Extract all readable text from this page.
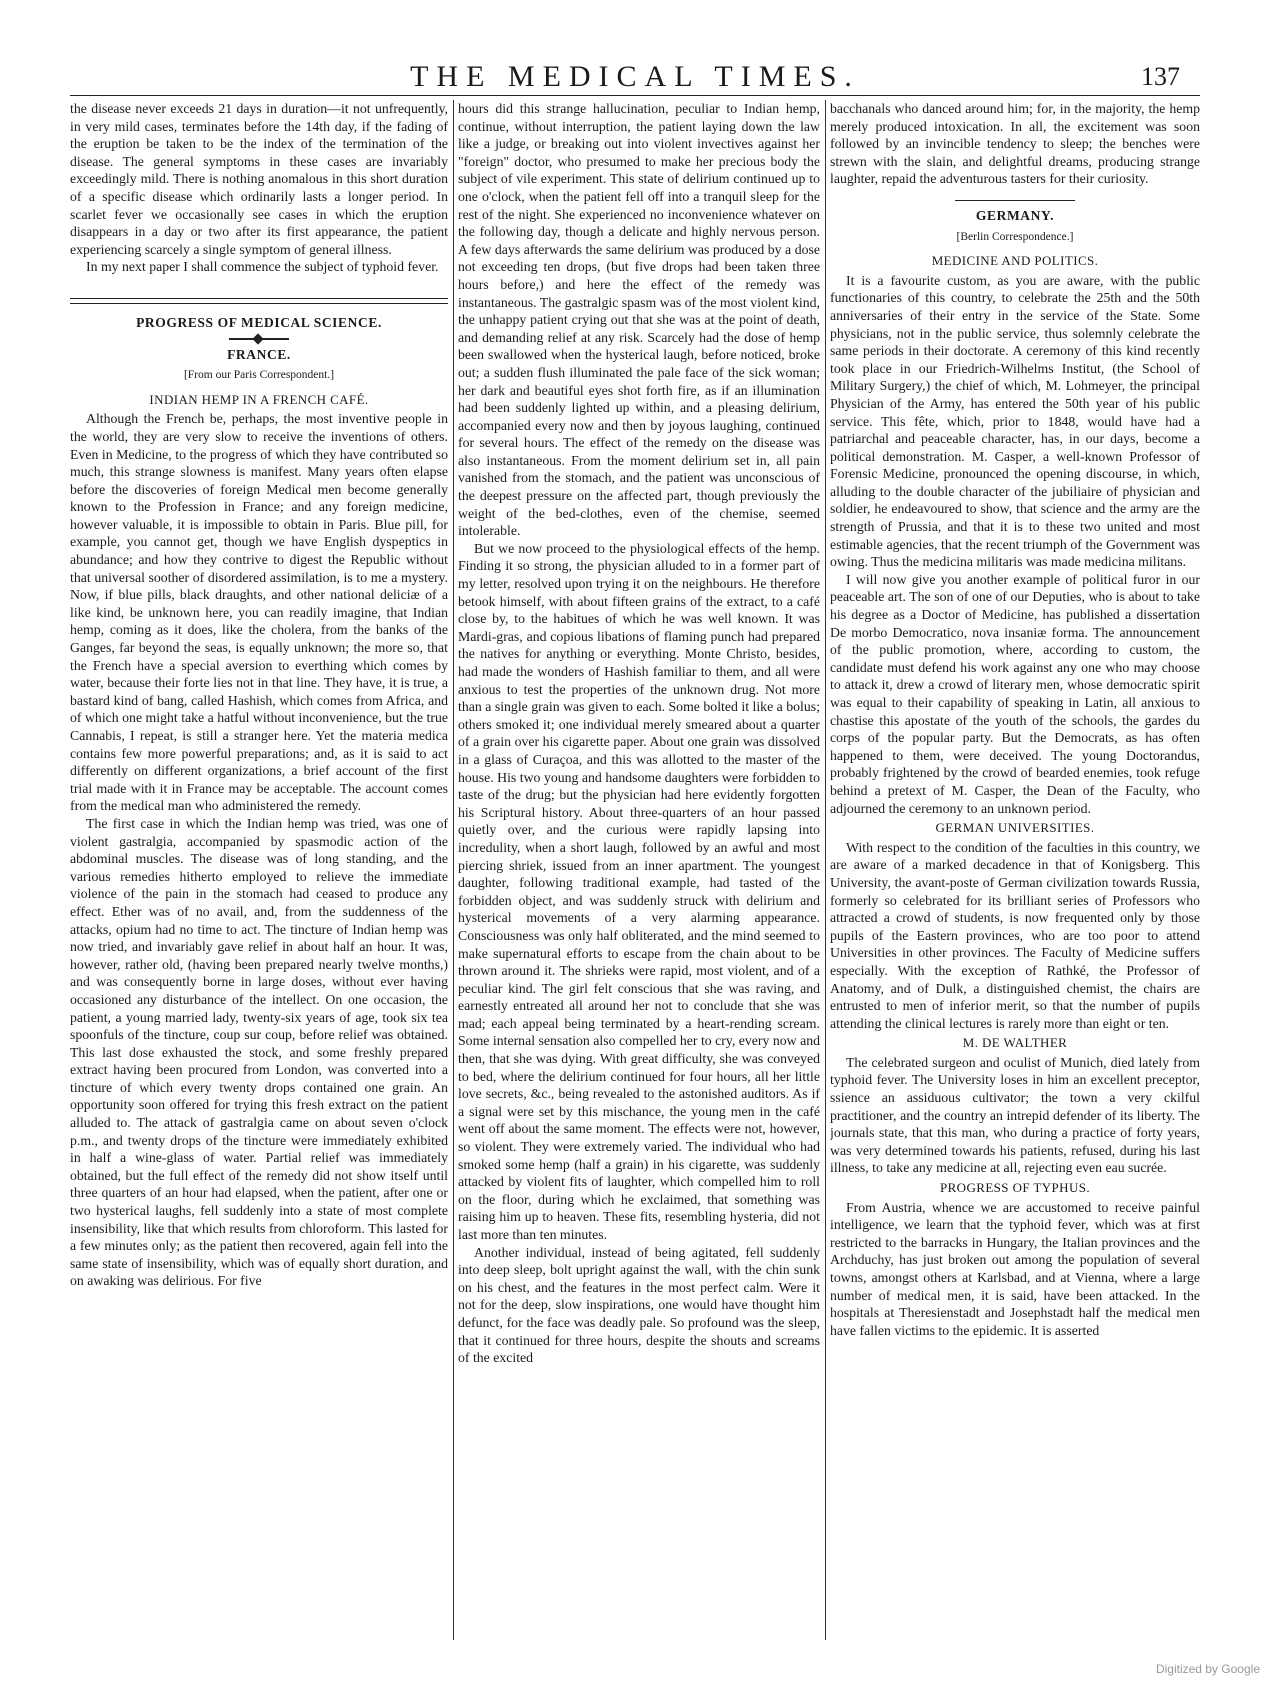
THE MEDICAL TIMES.	137

the disease never exceeds 21 days in duration—it not unfrequently, in very mild cases, terminates before the 14th day, if the fading of the eruption be taken to be the index of the termination of the disease. The general symptoms in these cases are invariably exceedingly mild. There is nothing anomalous in this short duration of a specific disease which ordinarily lasts a longer period. In scarlet fever we occasionally see cases in which the eruption disappears in a day or two after its first appearance, the patient experiencing scarcely a single symptom of general illness.

In my next paper I shall commence the subject of typhoid fever.

PROGRESS OF MEDICAL SCIENCE.
FRANCE.
[From our Paris Correspondent.]
INDIAN HEMP IN A FRENCH CAFÉ.

Although the French be, perhaps, the most inventive people in the world, they are very slow to receive the inventions of others. Even in Medicine, to the progress of which they have contributed so much, this strange slowness is manifest. Many years often elapse before the discoveries of foreign Medical men become generally known to the Profession in France; and any foreign medicine, however valuable, it is impossible to obtain in Paris. Blue pill, for example, you cannot get, though we have English dyspeptics in abundance; and how they contrive to digest the Republic without that universal soother of disordered assimilation, is to me a mystery. Now, if blue pills, black draughts, and other national deliciæ of a like kind, be unknown here, you can readily imagine, that Indian hemp, coming as it does, like the cholera, from the banks of the Ganges, far beyond the seas, is equally unknown; the more so, that the French have a special aversion to everthing which comes by water, because their forte lies not in that line. They have, it is true, a bastard kind of bang, called Hashish, which comes from Africa, and of which one might take a hatful without inconvenience, but the true Cannabis, I repeat, is still a stranger here. Yet the materia medica contains few more powerful preparations; and, as it is said to act differently on different organizations, a brief account of the first trial made with it in France may be acceptable. The account comes from the medical man who administered the remedy.

The first case in which the Indian hemp was tried, was one of violent gastralgia, accompanied by spasmodic action of the abdominal muscles. The disease was of long standing, and the various remedies hitherto employed to relieve the immediate violence of the pain in the stomach had ceased to produce any effect. Ether was of no avail, and, from the suddenness of the attacks, opium had no time to act. The tincture of Indian hemp was now tried, and invariably gave relief in about half an hour. It was, however, rather old, (having been prepared nearly twelve months,) and was consequently borne in large doses, without ever having occasioned any disturbance of the intellect. On one occasion, the patient, a young married lady, twenty-six years of age, took six tea spoonfuls of the tincture, coup sur coup, before relief was obtained. This last dose exhausted the stock, and some freshly prepared extract having been procured from London, was converted into a tincture of which every twenty drops contained one grain. An opportunity soon offered for trying this fresh extract on the patient alluded to. The attack of gastralgia came on about seven o'clock p.m., and twenty drops of the tincture were immediately exhibited in half a wine-glass of water. Partial relief was immediately obtained, but the full effect of the remedy did not show itself until three quarters of an hour had elapsed, when the patient, after one or two hysterical laughs, fell suddenly into a state of most complete insensibility, like that which results from chloroform. This lasted for a few minutes only; as the patient then recovered, again fell into the same state of insensibility, which was of equally short duration, and on awaking was delirious. For five

hours did this strange hallucination, peculiar to Indian hemp, continue, without interruption, the patient laying down the law like a judge, or breaking out into violent invectives against her "foreign" doctor, who presumed to make her precious body the subject of vile experiment. This state of delirium continued up to one o'clock, when the patient fell off into a tranquil sleep for the rest of the night. She experienced no inconvenience whatever on the following day, though a delicate and highly nervous person. A few days afterwards the same delirium was produced by a dose not exceeding ten drops, (but five drops had been taken three hours before,) and here the effect of the remedy was instantaneous. The gastralgic spasm was of the most violent kind, the unhappy patient crying out that she was at the point of death, and demanding relief at any risk. Scarcely had the dose of hemp been swallowed when the hysterical laugh, before noticed, broke out; a sudden flush illuminated the pale face of the sick woman; her dark and beautiful eyes shot forth fire, as if an illumination had been suddenly lighted up within, and a pleasing delirium, accompanied every now and then by joyous laughing, continued for several hours. The effect of the remedy on the disease was also instantaneous. From the moment delirium set in, all pain vanished from the stomach, and the patient was unconscious of the deepest pressure on the affected part, though previously the weight of the bed-clothes, even of the chemise, seemed intolerable.

But we now proceed to the physiological effects of the hemp. Finding it so strong, the physician alluded to in a former part of my letter, resolved upon trying it on the neighbours. He therefore betook himself, with about fifteen grains of the extract, to a café close by, to the habitues of which he was well known. It was Mardi-gras, and copious libations of flaming punch had prepared the natives for anything or everything. Monte Christo, besides, had made the wonders of Hashish familiar to them, and all were anxious to test the properties of the unknown drug. Not more than a single grain was given to each. Some bolted it like a bolus; others smoked it; one individual merely smeared about a quarter of a grain over his cigarette paper. About one grain was dissolved in a glass of Curaçoa, and this was allotted to the master of the house. His two young and handsome daughters were forbidden to taste of the drug; but the physician had here evidently forgotten his Scriptural history. About three-quarters of an hour passed quietly over, and the curious were rapidly lapsing into incredulity, when a short laugh, followed by an awful and most piercing shriek, issued from an inner apartment. The youngest daughter, following traditional example, had tasted of the forbidden object, and was suddenly struck with delirium and hysterical movements of a very alarming appearance. Consciousness was only half obliterated, and the mind seemed to make supernatural efforts to escape from the chain about to be thrown around it. The shrieks were rapid, most violent, and of a peculiar kind. The girl felt conscious that she was raving, and earnestly entreated all around her not to conclude that she was mad; each appeal being terminated by a heart-rending scream. Some internal sensation also compelled her to cry, every now and then, that she was dying. With great difficulty, she was conveyed to bed, where the delirium continued for four hours, all her little love secrets, &c., being revealed to the astonished auditors. As if a signal were set by this mischance, the young men in the café went off about the same moment. The effects were not, however, so violent. They were extremely varied. The individual who had smoked some hemp (half a grain) in his cigarette, was suddenly attacked by violent fits of laughter, which compelled him to roll on the floor, during which he exclaimed, that something was raising him up to heaven. These fits, resembling hysteria, did not last more than ten minutes.

Another individual, instead of being agitated, fell suddenly into deep sleep, bolt upright against the wall, with the chin sunk on his chest, and the features in the most perfect calm. Were it not for the deep, slow inspirations, one would have thought him defunct, for the face was deadly pale. So profound was the sleep, that it continued for three hours, despite the shouts and screams of the excited

bacchanals who danced around him; for, in the majority, the hemp merely produced intoxication. In all, the excitement was soon followed by an invincible tendency to sleep; the benches were strewn with the slain, and delightful dreams, producing strange laughter, repaid the adventurous tasters for their curiosity.

GERMANY.
[Berlin Correspondence.]
MEDICINE AND POLITICS.

It is a favourite custom, as you are aware, with the public functionaries of this country, to celebrate the 25th and the 50th anniversaries of their entry in the service of the State. Some physicians, not in the public service, thus solemnly celebrate the same periods in their doctorate. A ceremony of this kind recently took place in our Friedrich-Wilhelms Institut, (the School of Military Surgery,) the chief of which, M. Lohmeyer, the principal Physician of the Army, has entered the 50th year of his public service. This fête, which, prior to 1848, would have had a patriarchal and peaceable character, has, in our days, become a political demonstration. M. Casper, a well-known Professor of Forensic Medicine, pronounced the opening discourse, in which, alluding to the double character of the jubiliaire of physician and soldier, he endeavoured to show, that science and the army are the strength of Prussia, and that it is to these two united and most estimable agencies, that the recent triumph of the Government was owing. Thus the medicina militaris was made medicina militans.

I will now give you another example of political furor in our peaceable art. The son of one of our Deputies, who is about to take his degree as a Doctor of Medicine, has published a dissertation De morbo Democratico, nova insaniæ forma. The announcement of the public promotion, where, according to custom, the candidate must defend his work against any one who may choose to attack it, drew a crowd of literary men, whose democratic spirit was equal to their capability of speaking in Latin, all anxious to chastise this apostate of the youth of the schools, the gardes du corps of the popular party. But the Democrats, as has often happened to them, were deceived. The young Doctorandus, probably frightened by the crowd of bearded enemies, took refuge behind a pretext of M. Casper, the Dean of the Faculty, who adjourned the ceremony to an unknown period.

GERMAN UNIVERSITIES.

With respect to the condition of the faculties in this country, we are aware of a marked decadence in that of Konigsberg. This University, the avant-poste of German civilization towards Russia, formerly so celebrated for its brilliant series of Professors who attracted a crowd of students, is now frequented only by those pupils of the Eastern provinces, who are too poor to attend Universities in other provinces. The Faculty of Medicine suffers especially. With the exception of Rathké, the Professor of Anatomy, and of Dulk, a distinguished chemist, the chairs are entrusted to men of inferior merit, so that the number of pupils attending the clinical lectures is rarely more than eight or ten.

M. DE WALTHER

The celebrated surgeon and oculist of Munich, died lately from typhoid fever. The University loses in him an excellent preceptor, ssience an assiduous cultivator; the town a very ckilful practitioner, and the country an intrepid defender of its liberty. The journals state, that this man, who during a practice of forty years, was very determined towards his patients, refused, during his last illness, to take any medicine at all, rejecting even eau sucrée.

PROGRESS OF TYPHUS.

From Austria, whence we are accustomed to receive painful intelligence, we learn that the typhoid fever, which was at first restricted to the barracks in Hungary, the Italian provinces and the Archduchy, has just broken out among the population of several towns, amongst others at Karlsbad, and at Vienna, where a large number of medical men, it is said, have been attacked. In the hospitals at Theresienstadt and Josephstadt half the medical men have fallen victims to the epidemic. It is asserted

Digitized by Google
